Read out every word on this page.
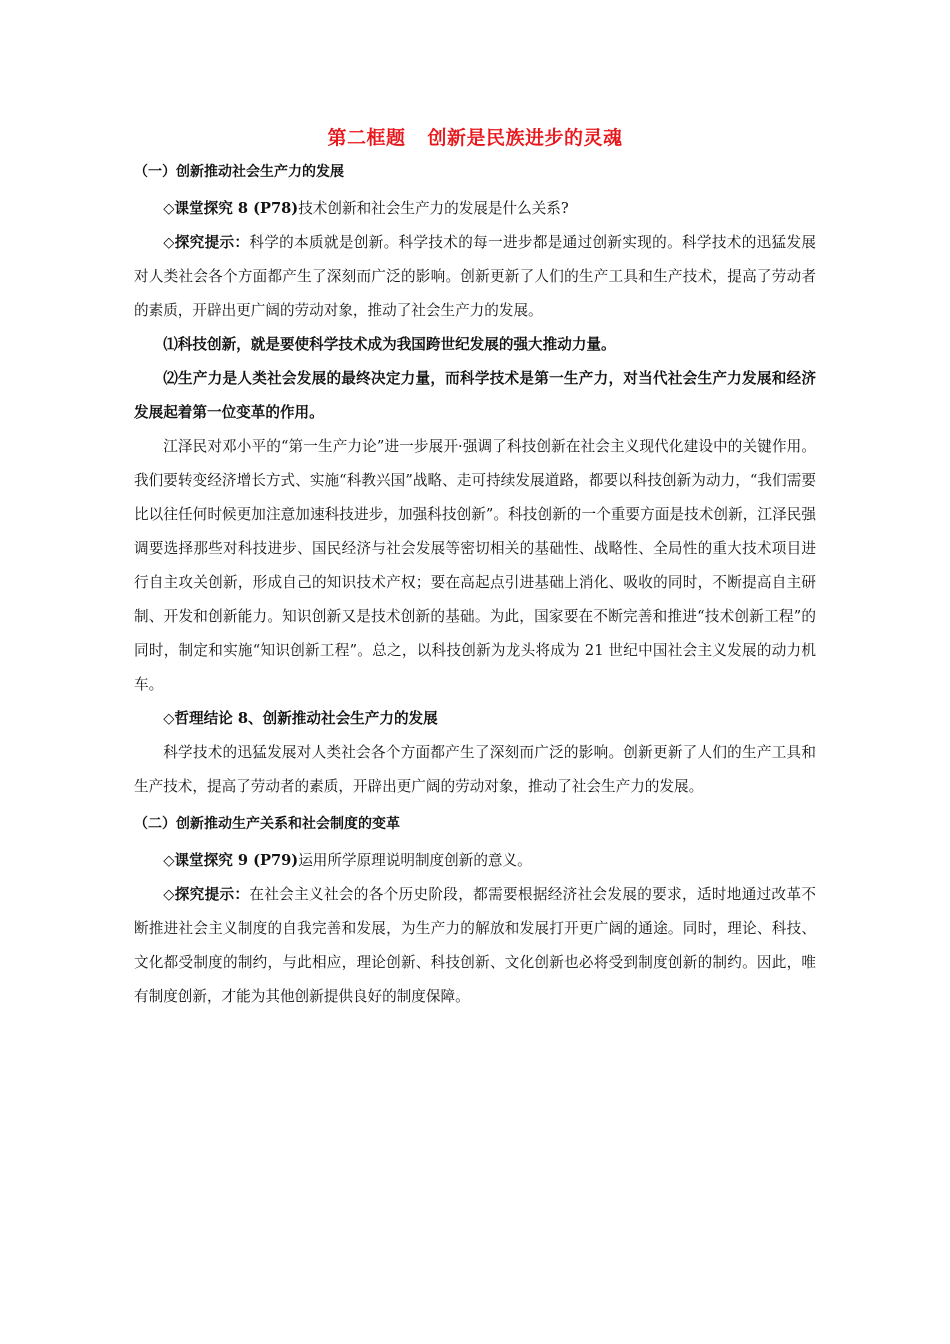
第二框题 创新是民族进步的灵魂
（一）创新推动社会生产力的发展

◇课堂探究 8 (P78)技术创新和社会生产力的发展是什么关系?

◇探究提示：科学的本质就是创新。科学技术的每一进步都是通过创新实现的。科学技术的迅猛发展对人类社会各个方面都产生了深刻而广泛的影响。创新更新了人们的生产工具和生产技术，提高了劳动者的素质，开辟出更广阔的劳动对象，推动了社会生产力的发展。

⑴科技创新，就是要使科学技术成为我国跨世纪发展的强大推动力量。

⑵生产力是人类社会发展的最终决定力量，而科学技术是第一生产力，对当代社会生产力发展和经济发展起着第一位变革的作用。

江泽民对邓小平的“第一生产力论”进一步展开·强调了科技创新在社会主义现代化建设中的关键作用。我们要转变经济增长方式、实施“科教兴国”战略、走可持续发展道路，都要以科技创新为动力，“我们需要比以往任何时候更加注意加速科技进步，加强科技创新”。科技创新的一个重要方面是技术创新，江泽民强调要选择那些对科技进步、国民经济与社会发展等密切相关的基础性、战略性、全局性的重大技术项目进行自主攻关创新，形成自己的知识技术产权；要在高起点引进基础上消化、吸收的同时，不断提高自主研制、开发和创新能力。知识创新又是技术创新的基础。为此，国家要在不断完善和推进“技术创新工程”的同时，制定和实施“知识创新工程”。总之，以科技创新为龙头将成为 21 世纪中国社会主义发展的动力机车。

◇哲理结论 8、创新推动社会生产力的发展

科学技术的迅猛发展对人类社会各个方面都产生了深刻而广泛的影响。创新更新了人们的生产工具和生产技术，提高了劳动者的素质，开辟出更广阔的劳动对象，推动了社会生产力的发展。

（二）创新推动生产关系和社会制度的变革

◇课堂探究 9 (P79)运用所学原理说明制度创新的意义。

◇探究提示：在社会主义社会的各个历史阶段，都需要根据经济社会发展的要求，适时地通过改革不断推进社会主义制度的自我完善和发展，为生产力的解放和发展打开更广阔的通途。同时，理论、科技、文化都受制度的制约，与此相应，理论创新、科技创新、文化创新也必将受到制度创新的制约。因此，唯有制度创新，才能为其他创新提供良好的制度保障。
